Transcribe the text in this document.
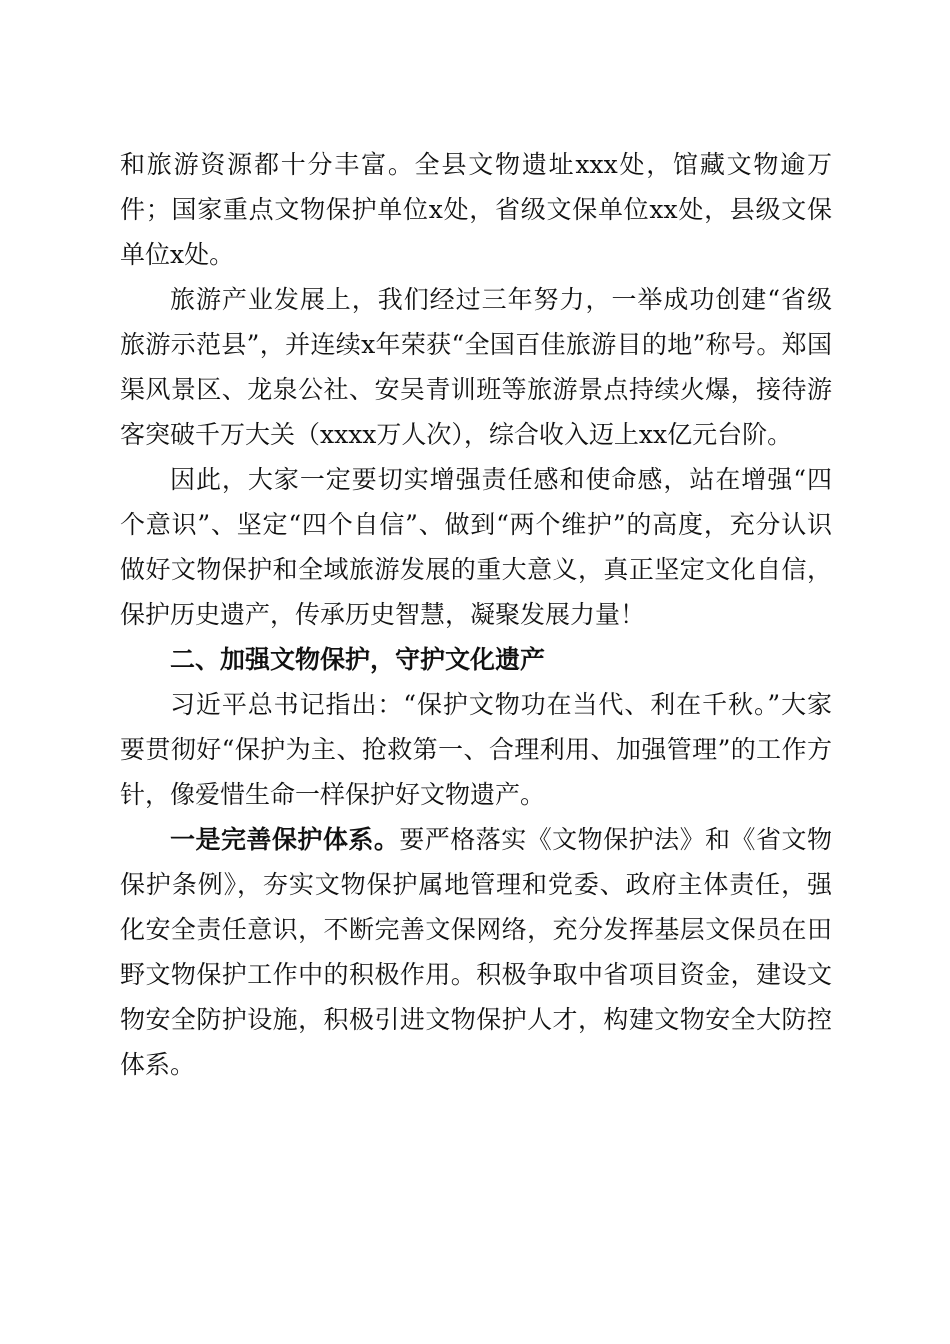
和旅游资源都十分丰富。全县文物遗址xxx处，馆藏文物逾万件；国家重点文物保护单位x处，省级文保单位xx处，县级文保单位x处。

旅游产业发展上，我们经过三年努力，一举成功创建“省级旅游示范县”，并连续x年荣获“全国百佳旅游目的地”称号。郑国渠风景区、龙泉公社、安吴青训班等旅游景点持续火爆，接待游客突破千万大关（xxxx万人次），综合收入迈上xx亿元台阶。

因此，大家一定要切实增强责任感和使命感，站在增强“四个意识”、坚定“四个自信”、做到“两个维护”的高度，充分认识做好文物保护和全域旅游发展的重大意义，真正坚定文化自信，保护历史遗产，传承历史智慧，凝聚发展力量！

二、加强文物保护，守护文化遗产

习近平总书记指出：“保护文物功在当代、利在千秋。”大家要贯彻好“保护为主、抢救第一、合理利用、加强管理”的工作方针，像爱惜生命一样保护好文物遗产。

一是完善保护体系。要严格落实《文物保护法》和《省文物保护条例》，夯实文物保护属地管理和党委、政府主体责任，强化安全责任意识，不断完善文保网络，充分发挥基层文保员在田野文物保护工作中的积极作用。积极争取中省项目资金，建设文物安全防护设施，积极引进文物保护人才，构建文物安全大防控体系。
